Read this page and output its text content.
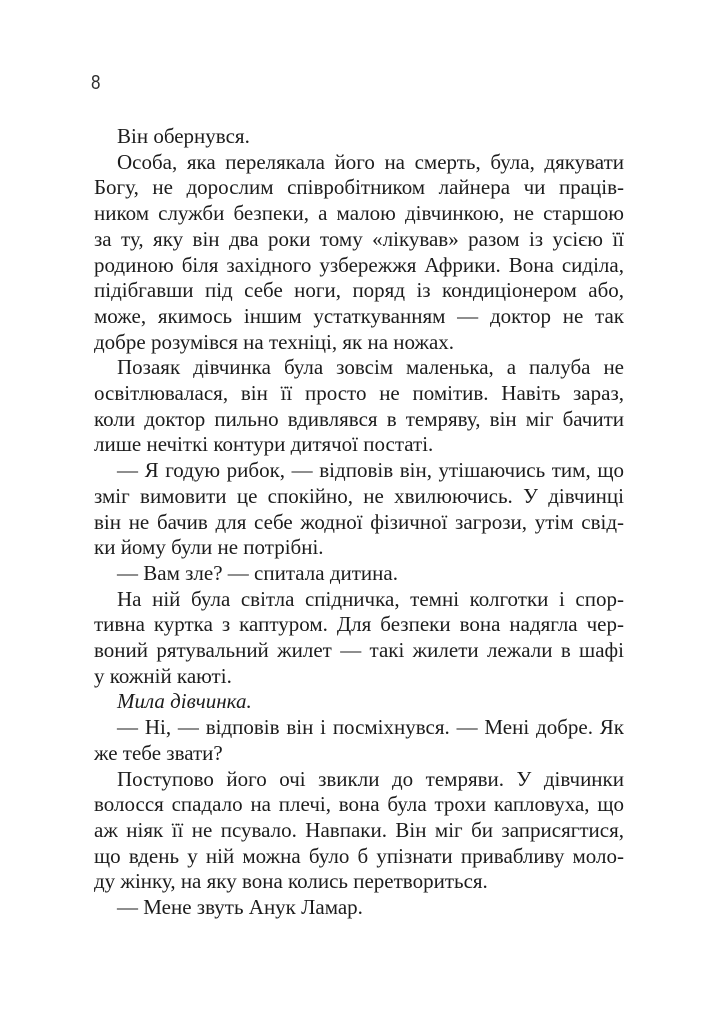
8

Він обернувся.

Особа, яка перелякала його на смерть, була, дякувати
Богу, не дорослим співробітником лайнера чи праців-
ником служби безпеки, а малою дівчинкою, не старшою
за ту, яку він два роки тому «лікував» разом із усією її
родиною біля західного узбережжя Африки. Вона сиділа,
підібгавши під себе ноги, поряд із кондиціонером або,
може, якимось іншим устаткуванням — доктор не так
добре розумівся на техніці, як на ножах.

Позаяк дівчинка була зовсім маленька, а палуба не
освітлювалася, він її просто не помітив. Навіть зараз,
коли доктор пильно вдивлявся в темряву, він міг бачити
лише нечіткі контури дитячої постаті.

— Я годую рибок, — відповів він, утішаючись тим, що
зміг вимовити це спокійно, не хвилюючись. У дівчинці
він не бачив для себе жодної фізичної загрози, утім свід-
ки йому були не потрібні.

— Вам зле? — спитала дитина.

На ній була світла спідничка, темні колготки і спор-
тивна куртка з каптуром. Для безпеки вона надягла чер-
воний рятувальний жилет — такі жилети лежали в шафі
у кожній каюті.

Мила дівчинка.

— Ні, — відповів він і посміхнувся. — Мені добре. Як
же тебе звати?

Поступово його очі звикли до темряви. У дівчинки
волосся спадало на плечі, вона була трохи капловуха, що
аж ніяк її не псувало. Навпаки. Він міг би заприсягтися,
що вдень у ній можна було б упізнати привабливу моло-
ду жінку, на яку вона колись перетвориться.

— Мене звуть Анук Ламар.
